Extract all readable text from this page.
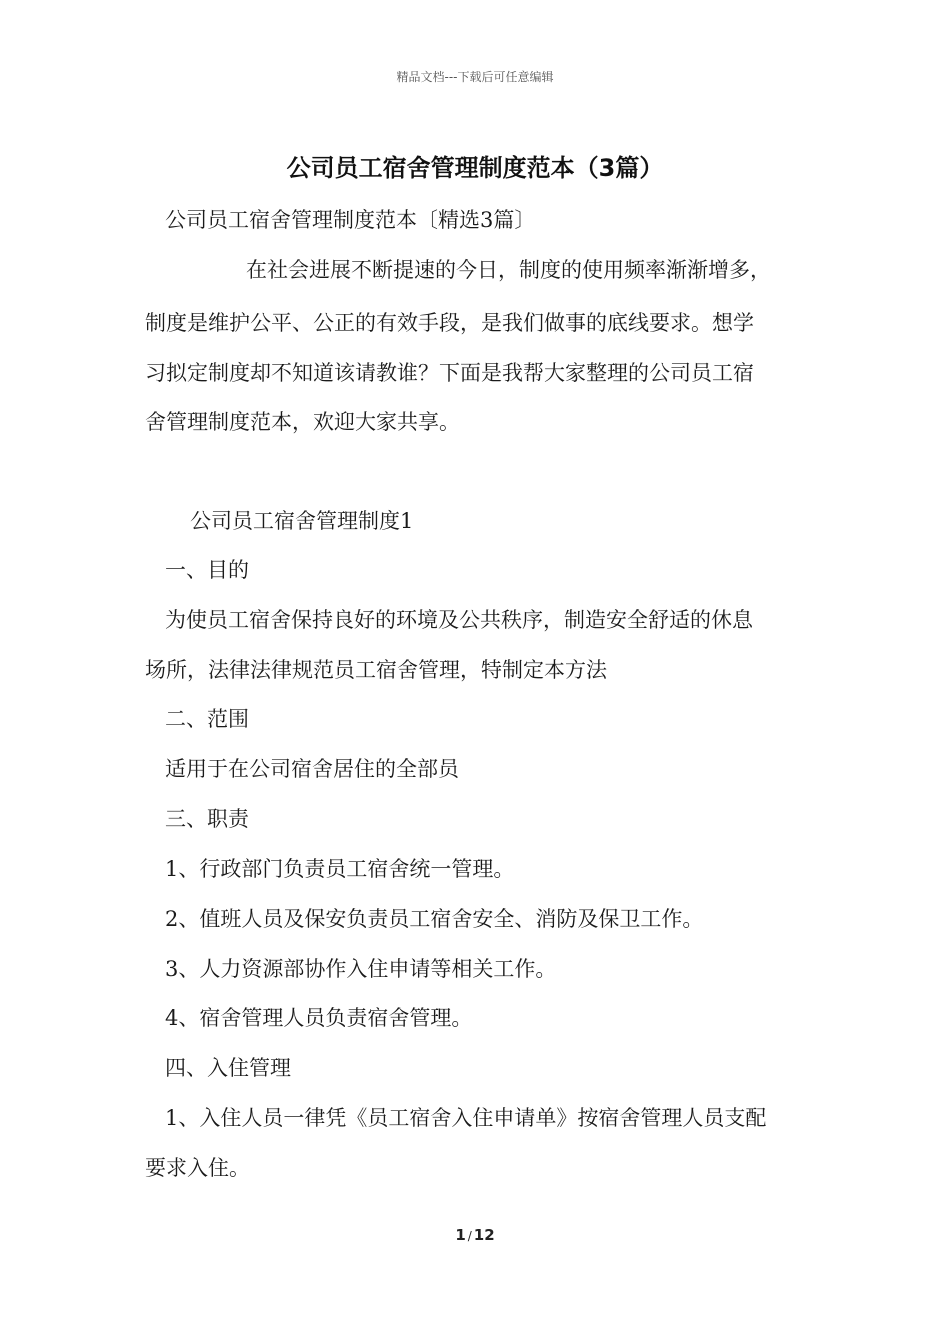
精品文档---下载后可任意编辑
公司员工宿舍管理制度范本（3篇）
公司员工宿舍管理制度范本〔精选3篇〕
在社会进展不断提速的今日，制度的使用频率渐渐增多，
制度是维护公平、公正的有效手段，是我们做事的底线要求。想学
习拟定制度却不知道该请教谁？下面是我帮大家整理的公司员工宿
舍管理制度范本，欢迎大家共享。
公司员工宿舍管理制度1
一、目的
为使员工宿舍保持良好的环境及公共秩序，制造安全舒适的休息
场所，法律法律规范员工宿舍管理，特制定本方法
二、范围
适用于在公司宿舍居住的全部员
三、职责
1、行政部门负责员工宿舍统一管理。
2、值班人员及保安负责员工宿舍安全、消防及保卫工作。
3、人力资源部协作入住申请等相关工作。
4、宿舍管理人员负责宿舍管理。
四、入住管理
1、入住人员一律凭《员工宿舍入住申请单》按宿舍管理人员支配
要求入住。
1 / 12
